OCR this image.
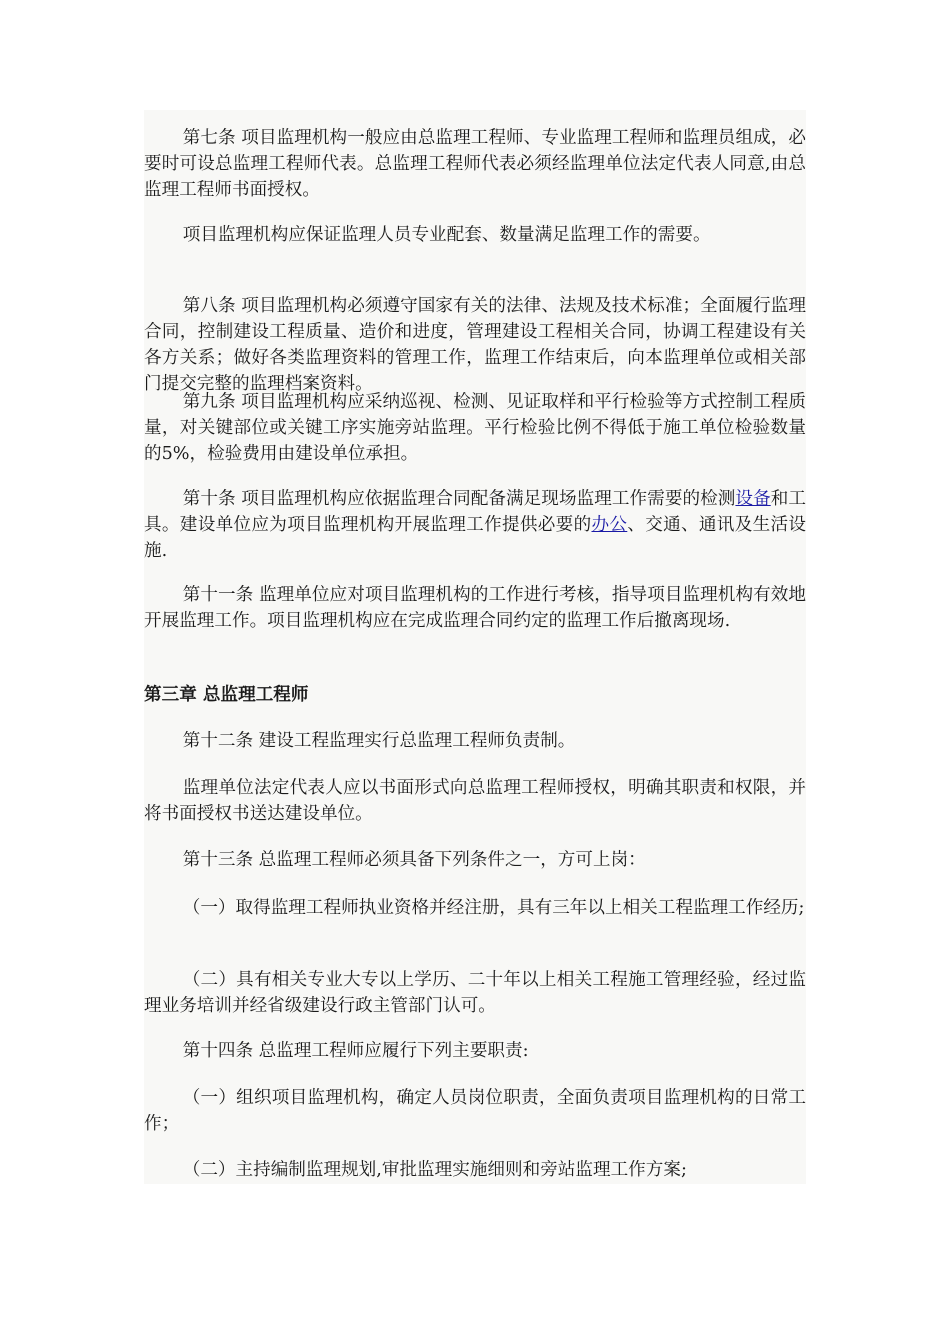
第七条 项目监理机构一般应由总监理工程师、专业监理工程师和监理员组成，必要时可设总监理工程师代表。总监理工程师代表必须经监理单位法定代表人同意,由总监理工程师书面授权。

项目监理机构应保证监理人员专业配套、数量满足监理工作的需要。

第八条 项目监理机构必须遵守国家有关的法律、法规及技术标准；全面履行监理合同，控制建设工程质量、造价和进度，管理建设工程相关合同，协调工程建设有关各方关系；做好各类监理资料的管理工作，监理工作结束后，向本监理单位或相关部门提交完整的监理档案资料。

第九条 项目监理机构应采纳巡视、检测、见证取样和平行检验等方式控制工程质量，对关键部位或关键工序实施旁站监理。平行检验比例不得低于施工单位检验数量的5%，检验费用由建设单位承担。

第十条 项目监理机构应依据监理合同配备满足现场监理工作需要的检测设备和工具。建设单位应为项目监理机构开展监理工作提供必要的办公、交通、通讯及生活设施.

第十一条 监理单位应对项目监理机构的工作进行考核，指导项目监理机构有效地开展监理工作。项目监理机构应在完成监理合同约定的监理工作后撤离现场.

第三章 总监理工程师

第十二条 建设工程监理实行总监理工程师负责制。

监理单位法定代表人应以书面形式向总监理工程师授权，明确其职责和权限，并将书面授权书送达建设单位。

第十三条 总监理工程师必须具备下列条件之一，方可上岗：

（一）取得监理工程师执业资格并经注册，具有三年以上相关工程监理工作经历;

（二）具有相关专业大专以上学历、二十年以上相关工程施工管理经验，经过监理业务培训并经省级建设行政主管部门认可。

第十四条 总监理工程师应履行下列主要职责:

（一）组织项目监理机构，确定人员岗位职责，全面负责项目监理机构的日常工作；

（二）主持编制监理规划,审批监理实施细则和旁站监理工作方案;
